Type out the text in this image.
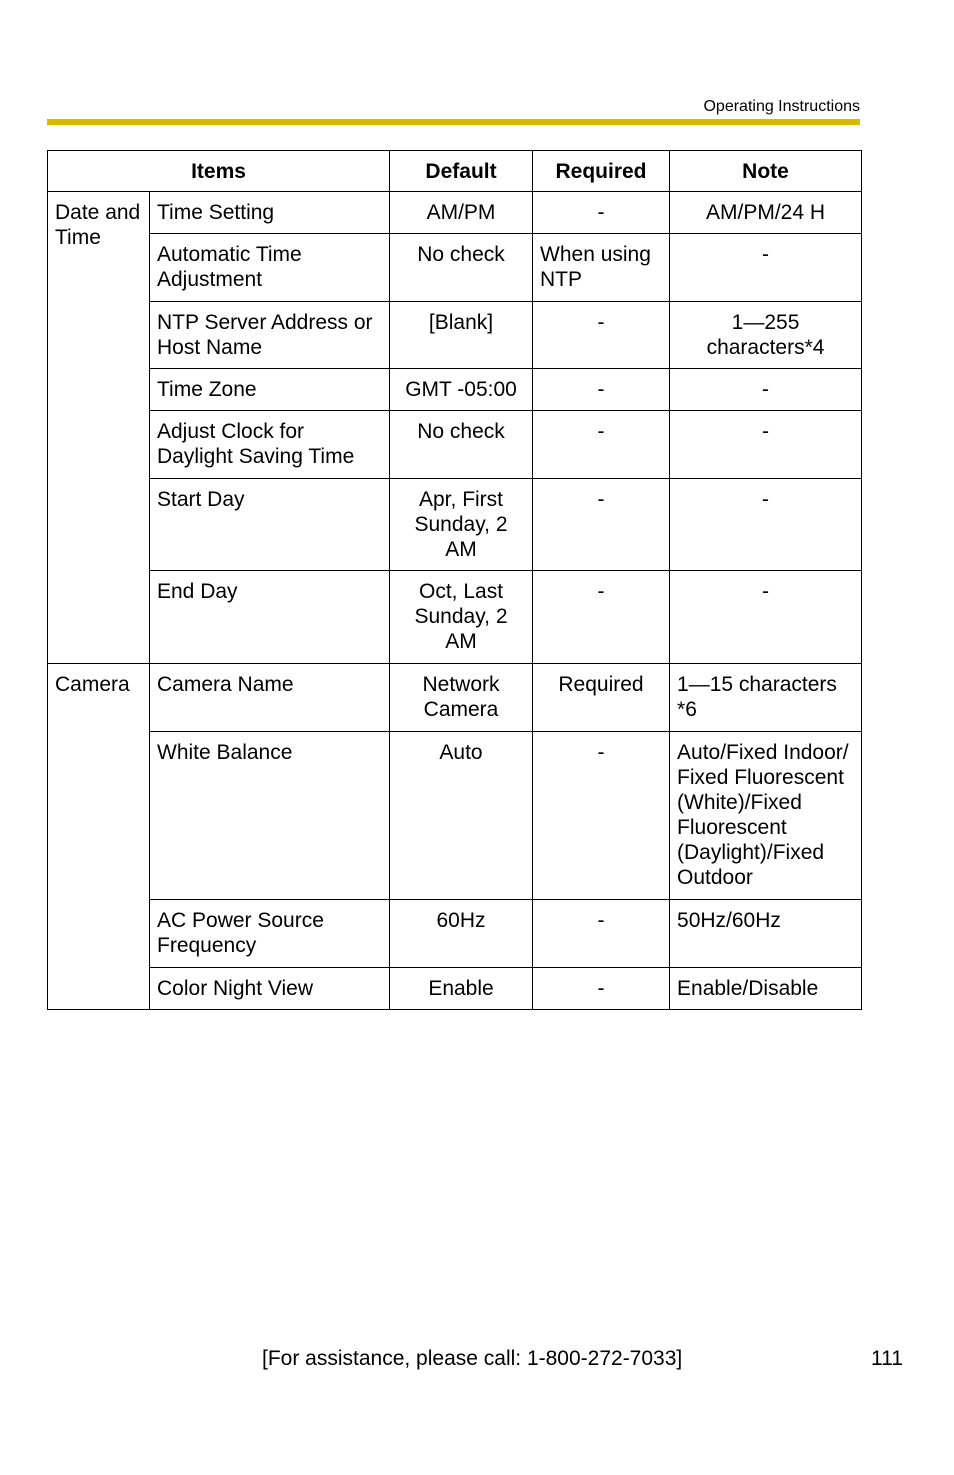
Operating Instructions
Items		Default	Required	Note
Date and Time	Time Setting	AM/PM	-	AM/PM/24 H
	Automatic Time Adjustment	No check	When using NTP	-
	NTP Server Address or Host Name	[Blank]	-	1—255 characters*4
	Time Zone	GMT -05:00	-	-
	Adjust Clock for Daylight Saving Time	No check	-	-
	Start Day	Apr, First Sunday, 2 AM	-	-
	End Day	Oct, Last Sunday, 2 AM	-	-
Camera	Camera Name	Network Camera	Required	1—15 characters *6
	White Balance	Auto	-	Auto/Fixed Indoor/ Fixed Fluorescent (White)/Fixed Fluorescent (Daylight)/Fixed Outdoor
	AC Power Source Frequency	60Hz	-	50Hz/60Hz
	Color Night View	Enable	-	Enable/Disable
[For assistance, please call: 1-800-272-7033]	111
